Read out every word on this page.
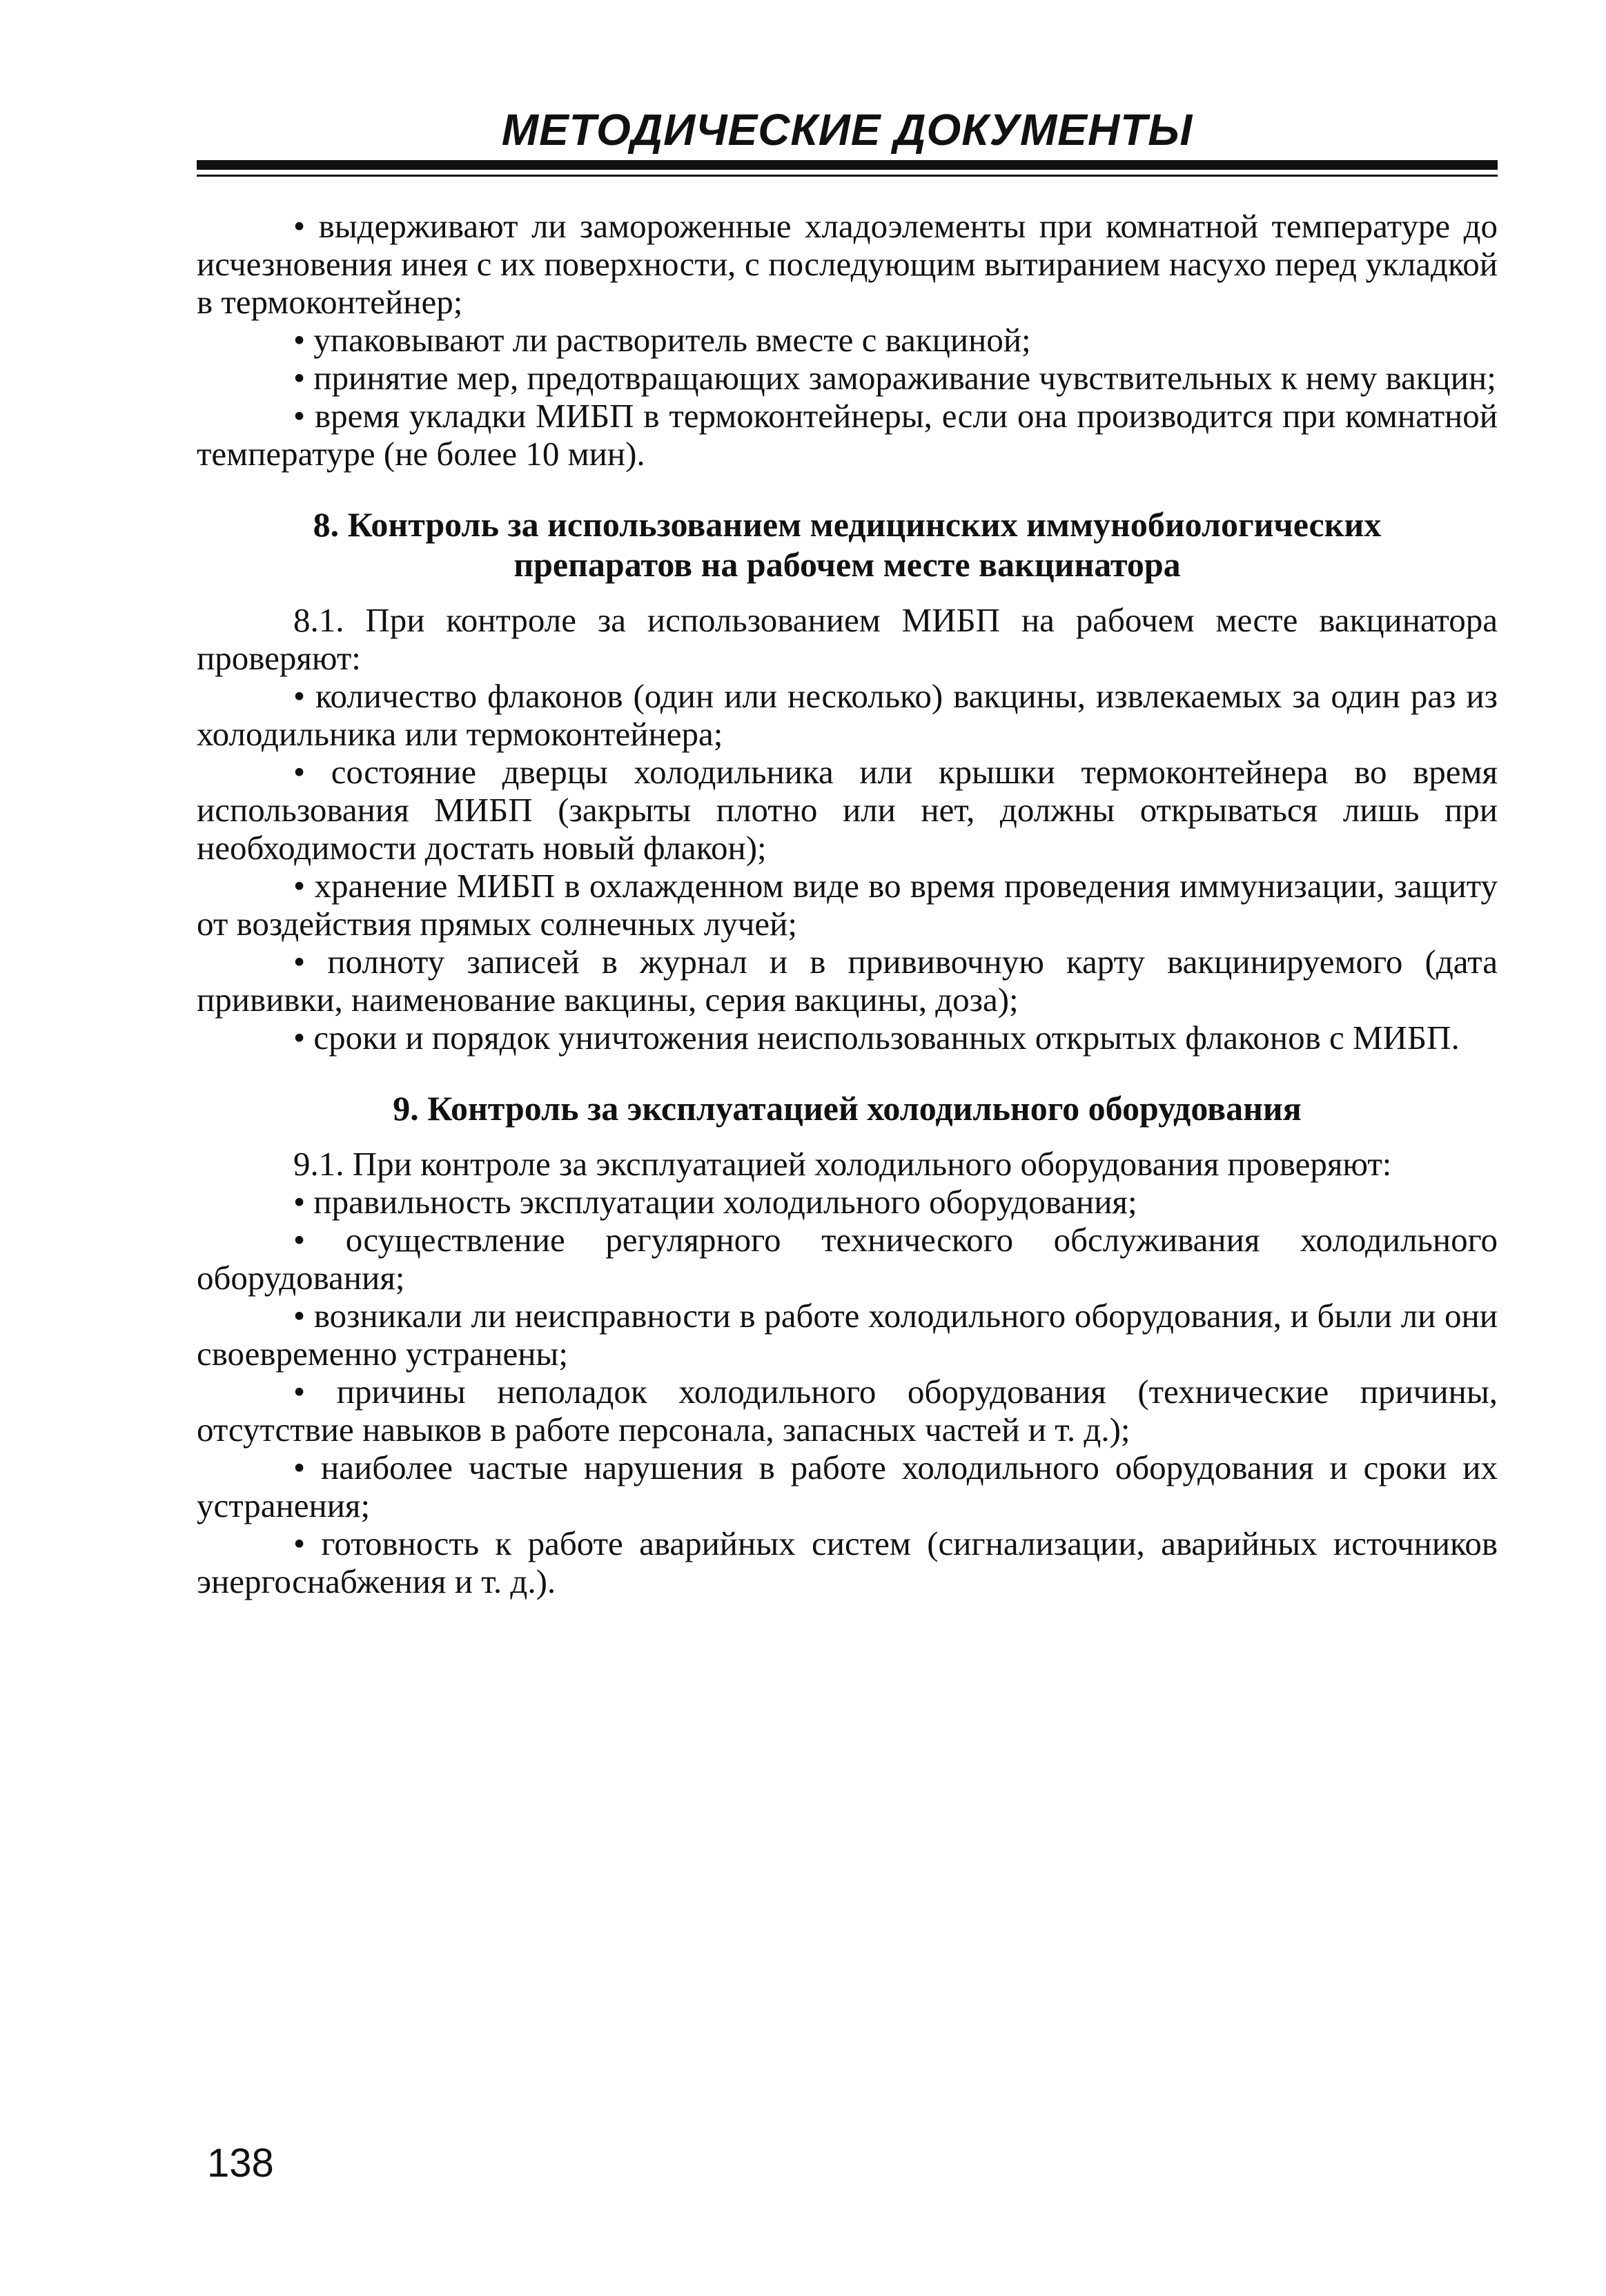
МЕТОДИЧЕСКИЕ ДОКУМЕНТЫ

• выдерживают ли замороженные хладоэлементы при комнатной температуре до исчезновения инея с их поверхности, с последующим вытиранием насухо перед укладкой в термоконтейнер;

• упаковывают ли растворитель вместе с вакциной;

• принятие мер, предотвращающих замораживание чувствительных к нему вакцин;

• время укладки МИБП в термоконтейнеры, если она производится при комнатной температуре (не более 10 мин).

8. Контроль за использованием медицинских иммунобиологических
препаратов на рабочем месте вакцинатора

8.1. При контроле за использованием МИБП на рабочем месте вакцинатора проверяют:

• количество флаконов (один или несколько) вакцины, извлекаемых за один раз из холодильника или термоконтейнера;

• состояние дверцы холодильника или крышки термоконтейнера во время использования МИБП (закрыты плотно или нет, должны открываться лишь при необходимости достать новый флакон);

• хранение МИБП в охлажденном виде во время проведения иммунизации, защиту от воздействия прямых солнечных лучей;

• полноту записей в журнал и в прививочную карту вакцинируемого (дата прививки, наименование вакцины, серия вакцины, доза);

• сроки и порядок уничтожения неиспользованных открытых флаконов с МИБП.

9. Контроль за эксплуатацией холодильного оборудования

9.1. При контроле за эксплуатацией холодильного оборудования проверяют:

• правильность эксплуатации холодильного оборудования;

• осуществление регулярного технического обслуживания холодильного оборудования;

• возникали ли неисправности в работе холодильного оборудования, и были ли они своевременно устранены;

• причины неполадок холодильного оборудования (технические причины, отсутствие навыков в работе персонала, запасных частей и т. д.);

• наиболее частые нарушения в работе холодильного оборудования и сроки их устранения;

• готовность к работе аварийных систем (сигнализации, аварийных источников энергоснабжения и т. д.).

138
